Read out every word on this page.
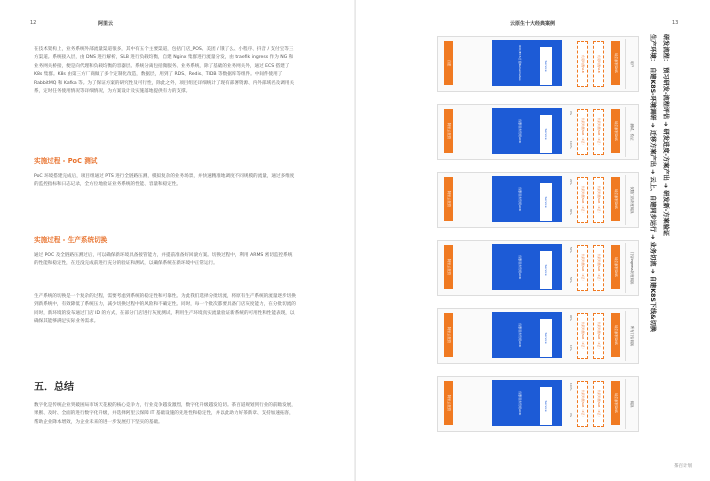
12	阿里云

在技术架构上，业务系统外部流量渠道很多，其中有五个主要渠道，包括门店_POS、美团 / 饿了么、小程序、抖音 / 支付宝等三方渠道。系统接入层，由 DNS 进行解析，SLB 进行负载均衡，自建 Nginx 集群进行流量分发，由 traefik ingress 作为 NG 和业务网关桥接，便是向代理和负载均衡的容器层。系统分离包括微服务、业务系统，除了基础的业务网关外，通过 ECS 搭建了 K8s 集群。K8s 由第三方厂商做了多个定制化改造，数据层，用到了 RDS、Redis、TIDB 等数据库等组件。中间件使用了 RabbitMQ 和 Kafka 等。为了保证方案的研究性及可行性，除此之外，项目组还详细统计了现有部署资源、内外部域名及调用关系，定时任务使用情况等详细情况，为方案设计及实施落地提供有力的支撑。

实施过程 - PoC 测试

PoC 环境搭建完成后，项目组通过 PTS 进行全链路压测，模拟复杂的业务场景，并快速精准地调度不同规模的流量，通过多维度的监控指标和日志记录，全方位地验证业务系统的性能、容量和稳定性。

实施过程 - 生产系统切换

通过 POC 及全链路压测过后，可以确保新环境具备接管能力，并提前准备好回滚方案。切换过程中，利用 ARMS 密切监控系统的性能和稳定性，在还没完成前进行充分的验证和测试，以确保系统在新环境中正常运行。

生产系统的切换是一个复杂的过程，需要考虑到系统的稳定性和可靠性。为此我们选择分批切流，将原有生产系统的流量逐步切换到新系统中，有效降低了系统压力，减少切换过程中的风险和不确定性。同时，每一个批次都要具备门店灰度能力，在分批切流的同时，新环境的发布通过门店 ID 的方式，在部分门店进行灰度测试，利用生产环境真实流量验证新系统的可用性和性能表现，以确保其能够满足实际业务需求。

五．总结

数字化是传统企业突破困局市场天花板的核心竞争力，行业竞争越发激烈，数字化升级越发迫切。茶百道规划到行业的前瞻发展，果断、及时、全面的进行数字化升级，并选择阿里云保障 IT 基础设施的先进性和稳定性，并以此助力好茶新章、支持加速拓客，帮助企业降本增效，为企业未来的进一步发展打下坚实的基础。

13
云原生十大经典案例
茶百计划
研发流程： 预习研发-流程评估 ➜ 研发进度-方案产出 ➜ 研发新-方案验证
生产环境： 自建K8S-环境调研 ➜ 迁移方案产出 ➜ 云上、自建同步运行 ➜ 业务切流 ➜ 自建K8S下线&切换
用户
域名解析DNS
负载均衡SLB
负载均衡SLB
Service
IDC/ECS自建Kubernetes
自建
测试、验证
域名解析DNS
负载均衡SLB（4层）
负载均衡SLB（4层）
0%
100%
Service
容器服务管理ACK
阿里云托管
仅限门店灰度切换
域名解析DNS
负载均衡SLB（4层）
负载均衡SLB（4层）
20%
80%
Service
容器服务管理ACK
阿里云托管
门店ingress灰度切换
域名解析DNS
负载均衡SLB（4层）
负载均衡SLB（4层）
50%
50%
Service
容器服务管理ACK
阿里云托管
所有门店切换
域名解析DNS
负载均衡SLB（4层）
负载均衡SLB（4层）
90%
10%
Service
容器服务管理ACK
阿里云托管
切换
域名解析DNS
负载均衡SLB（4层）
负载均衡SLB（4层）
100%
0%
Service
容器服务管理ACK
阿里云托管
